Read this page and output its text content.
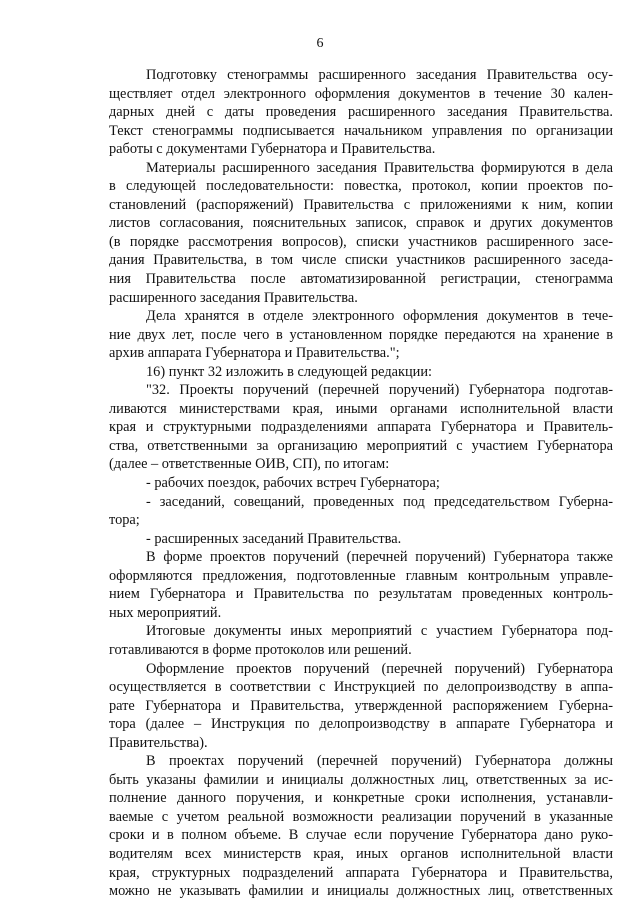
6
Подготовку стенограммы расширенного заседания Правительства осу-
ществляет отдел электронного оформления документов в течение 30 кален-
дарных дней с даты проведения расширенного заседания Правительства.
Текст стенограммы подписывается начальником управления по организации
работы с документами Губернатора и Правительства.
Материалы расширенного заседания Правительства формируются в дела
в следующей последовательности: повестка, протокол, копии проектов по-
становлений (распоряжений) Правительства с приложениями к ним, копии
листов согласования, пояснительных записок, справок и других документов
(в порядке рассмотрения вопросов), списки участников расширенного засе-
дания Правительства, в том числе списки участников расширенного заседа-
ния Правительства после автоматизированной регистрации, стенограмма
расширенного заседания Правительства.
Дела хранятся в отделе электронного оформления документов в тече-
ние двух лет, после чего в установленном порядке передаются на хранение в
архив аппарата Губернатора и Правительства.";
16) пункт 32 изложить в следующей редакции:
"32. Проекты поручений (перечней поручений) Губернатора подготав-
ливаются министерствами края, иными органами исполнительной власти
края и структурными подразделениями аппарата Губернатора и Правитель-
ства, ответственными за организацию мероприятий с участием Губернатора
(далее – ответственные ОИВ, СП), по итогам:
- рабочих поездок, рабочих встреч Губернатора;
- заседаний, совещаний, проведенных под председательством Губерна-
тора;
- расширенных заседаний Правительства.
В форме проектов поручений (перечней поручений) Губернатора также
оформляются предложения, подготовленные главным контрольным управле-
нием Губернатора и Правительства по результатам проведенных контроль-
ных мероприятий.
Итоговые документы иных мероприятий с участием Губернатора под-
готавливаются в форме протоколов или решений.
Оформление проектов поручений (перечней поручений) Губернатора
осуществляется в соответствии с Инструкцией по делопроизводству в аппа-
рате Губернатора и Правительства, утвержденной распоряжением Губерна-
тора (далее – Инструкция по делопроизводству в аппарате Губернатора и
Правительства).
В проектах поручений (перечней поручений) Губернатора должны
быть указаны фамилии и инициалы должностных лиц, ответственных за ис-
полнение данного поручения, и конкретные сроки исполнения, устанавли-
ваемые с учетом реальной возможности реализации поручений в указанные
сроки и в полном объеме. В случае если поручение Губернатора дано руко-
водителям всех министерств края, иных органов исполнительной власти
края, структурных подразделений аппарата Губернатора и Правительства,
можно не указывать фамилии и инициалы должностных лиц, ответственных
